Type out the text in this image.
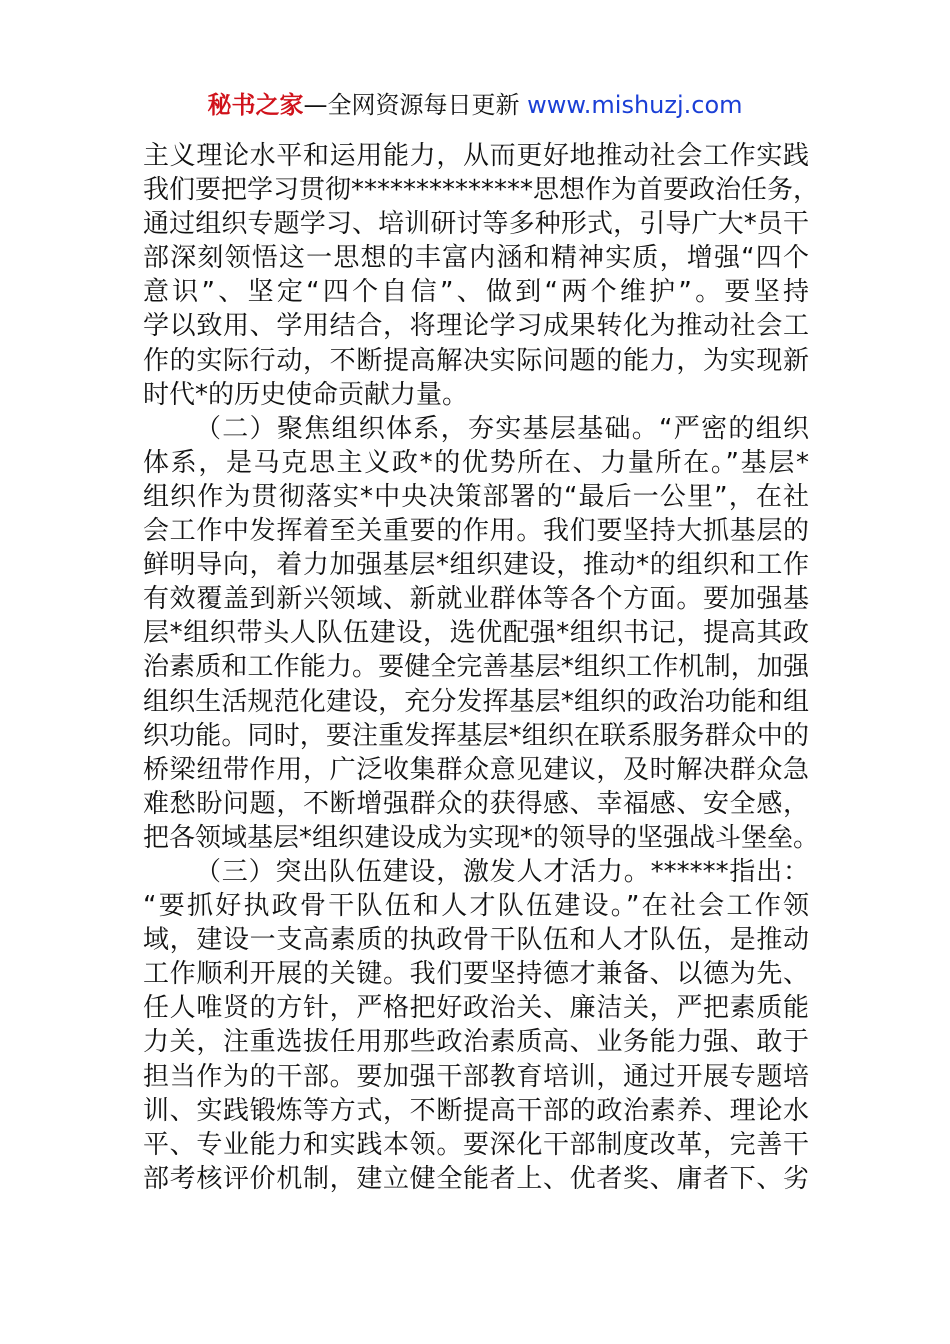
秘书之家—全网资源每日更新 www.mishuzj.com
主义理论水平和运用能力，从而更好地推动社会工作实践
我们要把学习贯彻**************思想作为首要政治任务，
通过组织专题学习、培训研讨等多种形式，引导广大*员干
部深刻领悟这一思想的丰富内涵和精神实质，增强“四个
意识”、坚定“四个自信”、做到“两个维护”。要坚持
学以致用、学用结合，将理论学习成果转化为推动社会工
作的实际行动，不断提高解决实际问题的能力，为实现新
时代*的历史使命贡献力量。
（二）聚焦组织体系，夯实基层基础。“严密的组织
体系，是马克思主义政*的优势所在、力量所在。”基层*
组织作为贯彻落实*中央决策部署的“最后一公里”，在社
会工作中发挥着至关重要的作用。我们要坚持大抓基层的
鲜明导向，着力加强基层*组织建设，推动*的组织和工作
有效覆盖到新兴领域、新就业群体等各个方面。要加强基
层*组织带头人队伍建设，选优配强*组织书记，提高其政
治素质和工作能力。要健全完善基层*组织工作机制，加强
组织生活规范化建设，充分发挥基层*组织的政治功能和组
织功能。同时，要注重发挥基层*组织在联系服务群众中的
桥梁纽带作用，广泛收集群众意见建议，及时解决群众急
难愁盼问题，不断增强群众的获得感、幸福感、安全感，
把各领域基层*组织建设成为实现*的领导的坚强战斗堡垒。
（三）突出队伍建设，激发人才活力。******指出：
“要抓好执政骨干队伍和人才队伍建设。”在社会工作领
域，建设一支高素质的执政骨干队伍和人才队伍，是推动
工作顺利开展的关键。我们要坚持德才兼备、以德为先、
任人唯贤的方针，严格把好政治关、廉洁关，严把素质能
力关，注重选拔任用那些政治素质高、业务能力强、敢于
担当作为的干部。要加强干部教育培训，通过开展专题培
训、实践锻炼等方式，不断提高干部的政治素养、理论水
平、专业能力和实践本领。要深化干部制度改革，完善干
部考核评价机制，建立健全能者上、优者奖、庸者下、劣
